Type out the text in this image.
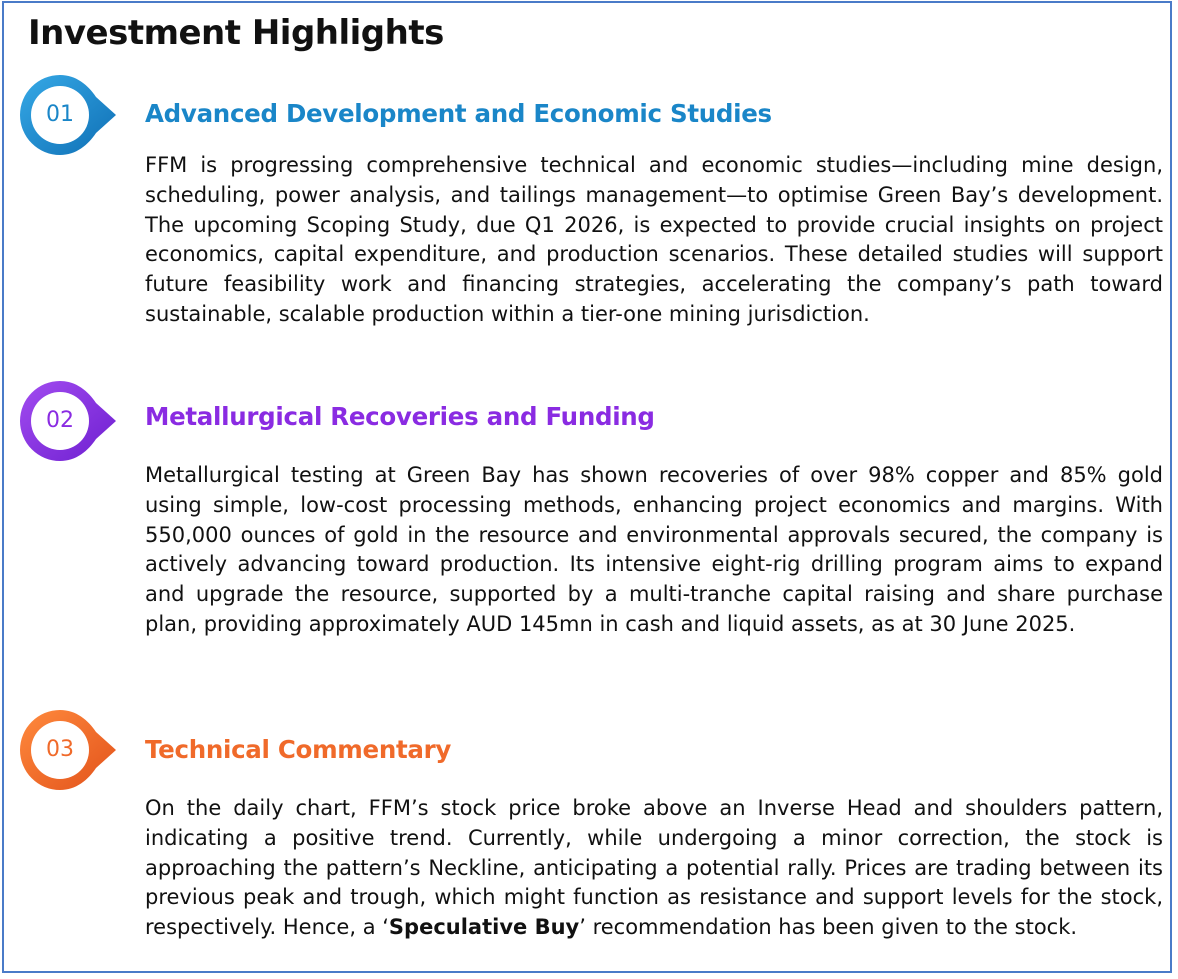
Investment Highlights
01	Advanced Development and Economic Studies

FFM is progressing comprehensive technical and economic studies—including mine design, scheduling, power analysis, and tailings management—to optimise Green Bay’s development. The upcoming Scoping Study, due Q1 2026, is expected to provide crucial insights on project economics, capital expenditure, and production scenarios. These detailed studies will support future feasibility work and financing strategies, accelerating the company’s path toward sustainable, scalable production within a tier-one mining jurisdiction.

02	Metallurgical Recoveries and Funding

Metallurgical testing at Green Bay has shown recoveries of over 98% copper and 85% gold using simple, low-cost processing methods, enhancing project economics and margins. With 550,000 ounces of gold in the resource and environmental approvals secured, the company is actively advancing toward production. Its intensive eight-rig drilling program aims to expand and upgrade the resource, supported by a multi-tranche capital raising and share purchase plan, providing approximately AUD 145mn in cash and liquid assets, as at 30 June 2025.

03	Technical Commentary

On the daily chart, FFM’s stock price broke above an Inverse Head and shoulders pattern, indicating a positive trend. Currently, while undergoing a minor correction, the stock is approaching the pattern’s Neckline, anticipating a potential rally. Prices are trading between its previous peak and trough, which might function as resistance and support levels for the stock, respectively. Hence, a ‘Speculative Buy’ recommendation has been given to the stock.
